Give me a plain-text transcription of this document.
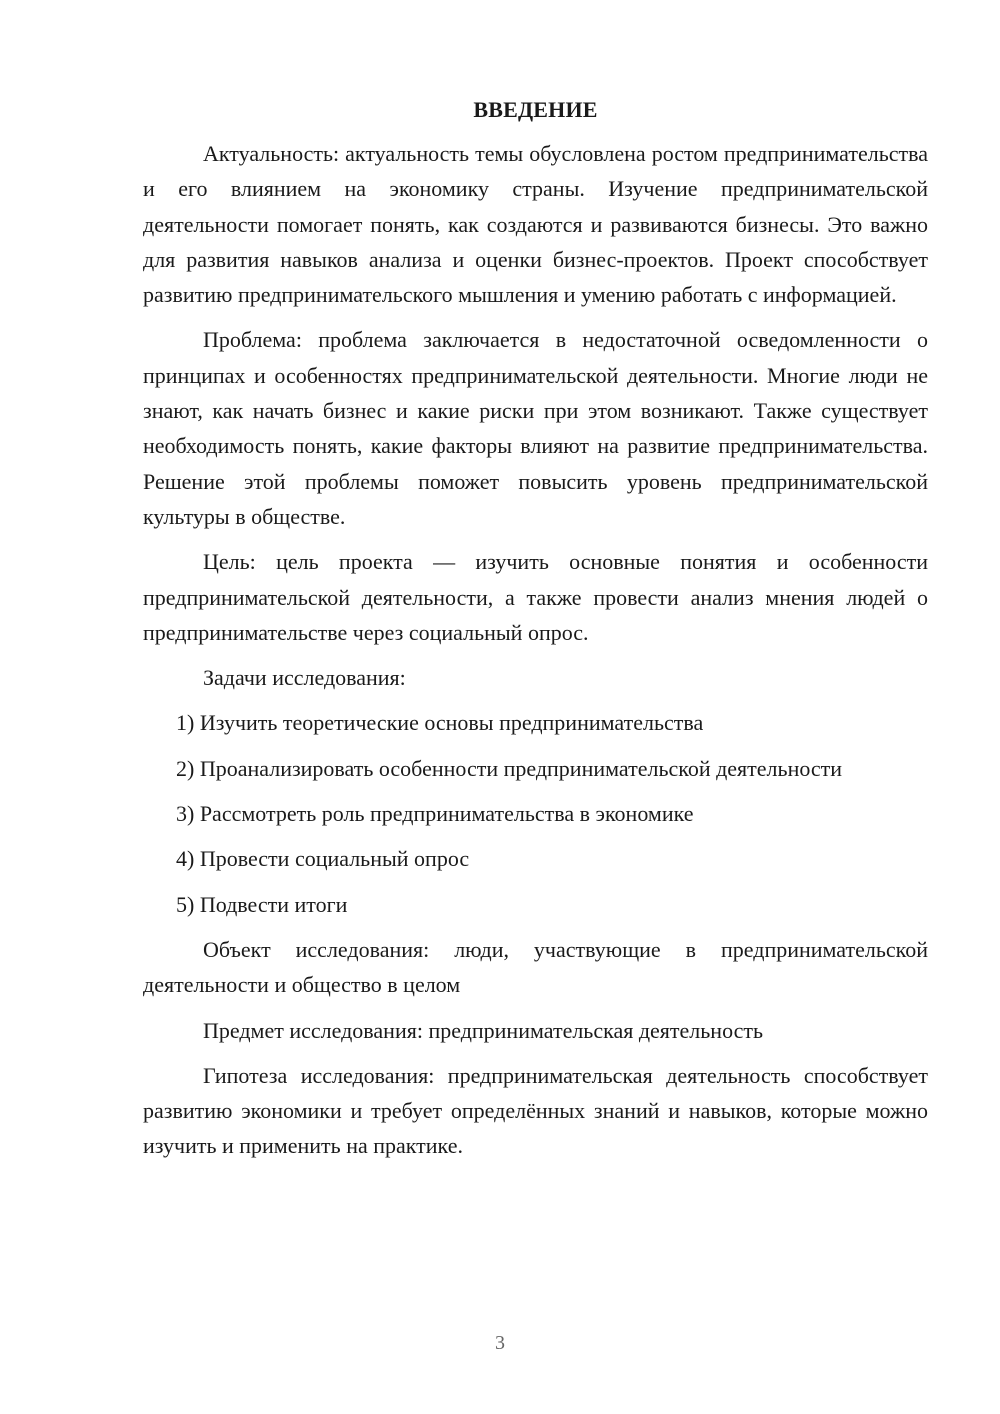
ВВЕДЕНИЕ

Актуальность: актуальность темы обусловлена ростом предпринимательства и его влиянием на экономику страны. Изучение предпринимательской деятельности помогает понять, как создаются и развиваются бизнесы. Это важно для развития навыков анализа и оценки бизнес-проектов. Проект способствует развитию предпринимательского мышления и умению работать с информацией.

Проблема: проблема заключается в недостаточной осведомленности о принципах и особенностях предпринимательской деятельности. Многие люди не знают, как начать бизнес и какие риски при этом возникают. Также существует необходимость понять, какие факторы влияют на развитие предпринимательства. Решение этой проблемы поможет повысить уровень предпринимательской культуры в обществе.

Цель: цель проекта — изучить основные понятия и особенности предпринимательской деятельности, а также провести анализ мнения людей о предпринимательстве через социальный опрос.

Задачи исследования:

1) Изучить теоретические основы предпринимательства

2) Проанализировать особенности предпринимательской деятельности

3) Рассмотреть роль предпринимательства в экономике

4) Провести социальный опрос

5) Подвести итоги

Объект исследования: люди, участвующие в предпринимательской деятельности и общество в целом

Предмет исследования: предпринимательская деятельность

Гипотеза исследования: предпринимательская деятельность способствует развитию экономики и требует определённых знаний и навыков, которые можно изучить и применить на практике.

3
